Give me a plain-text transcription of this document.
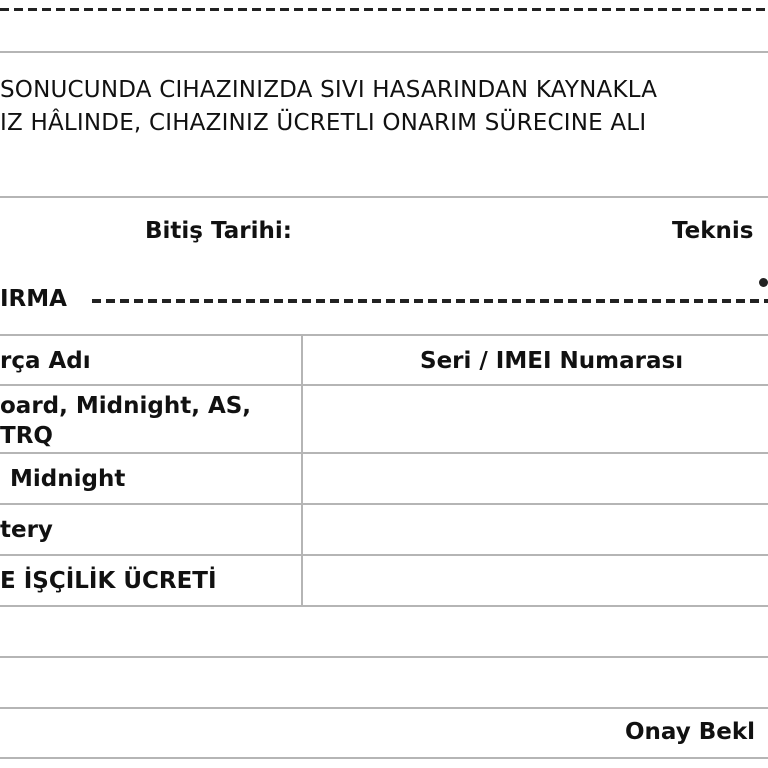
SONUCUNDA CIHAZINIZDA SIVI HASARINDAN KAYNAKLA
IZ HÂLINDE, CIHAZINIZ ÜCRETLI ONARIM SÜRECINE ALI
Bitiş Tarihi:	Teknis
IRMA
rça Adı	Seri / IMEI Numarası
oard, Midnight, AS,
TRQ
Midnight
tery
E İŞÇİLİK ÜCRETİ
Onay Bekl
